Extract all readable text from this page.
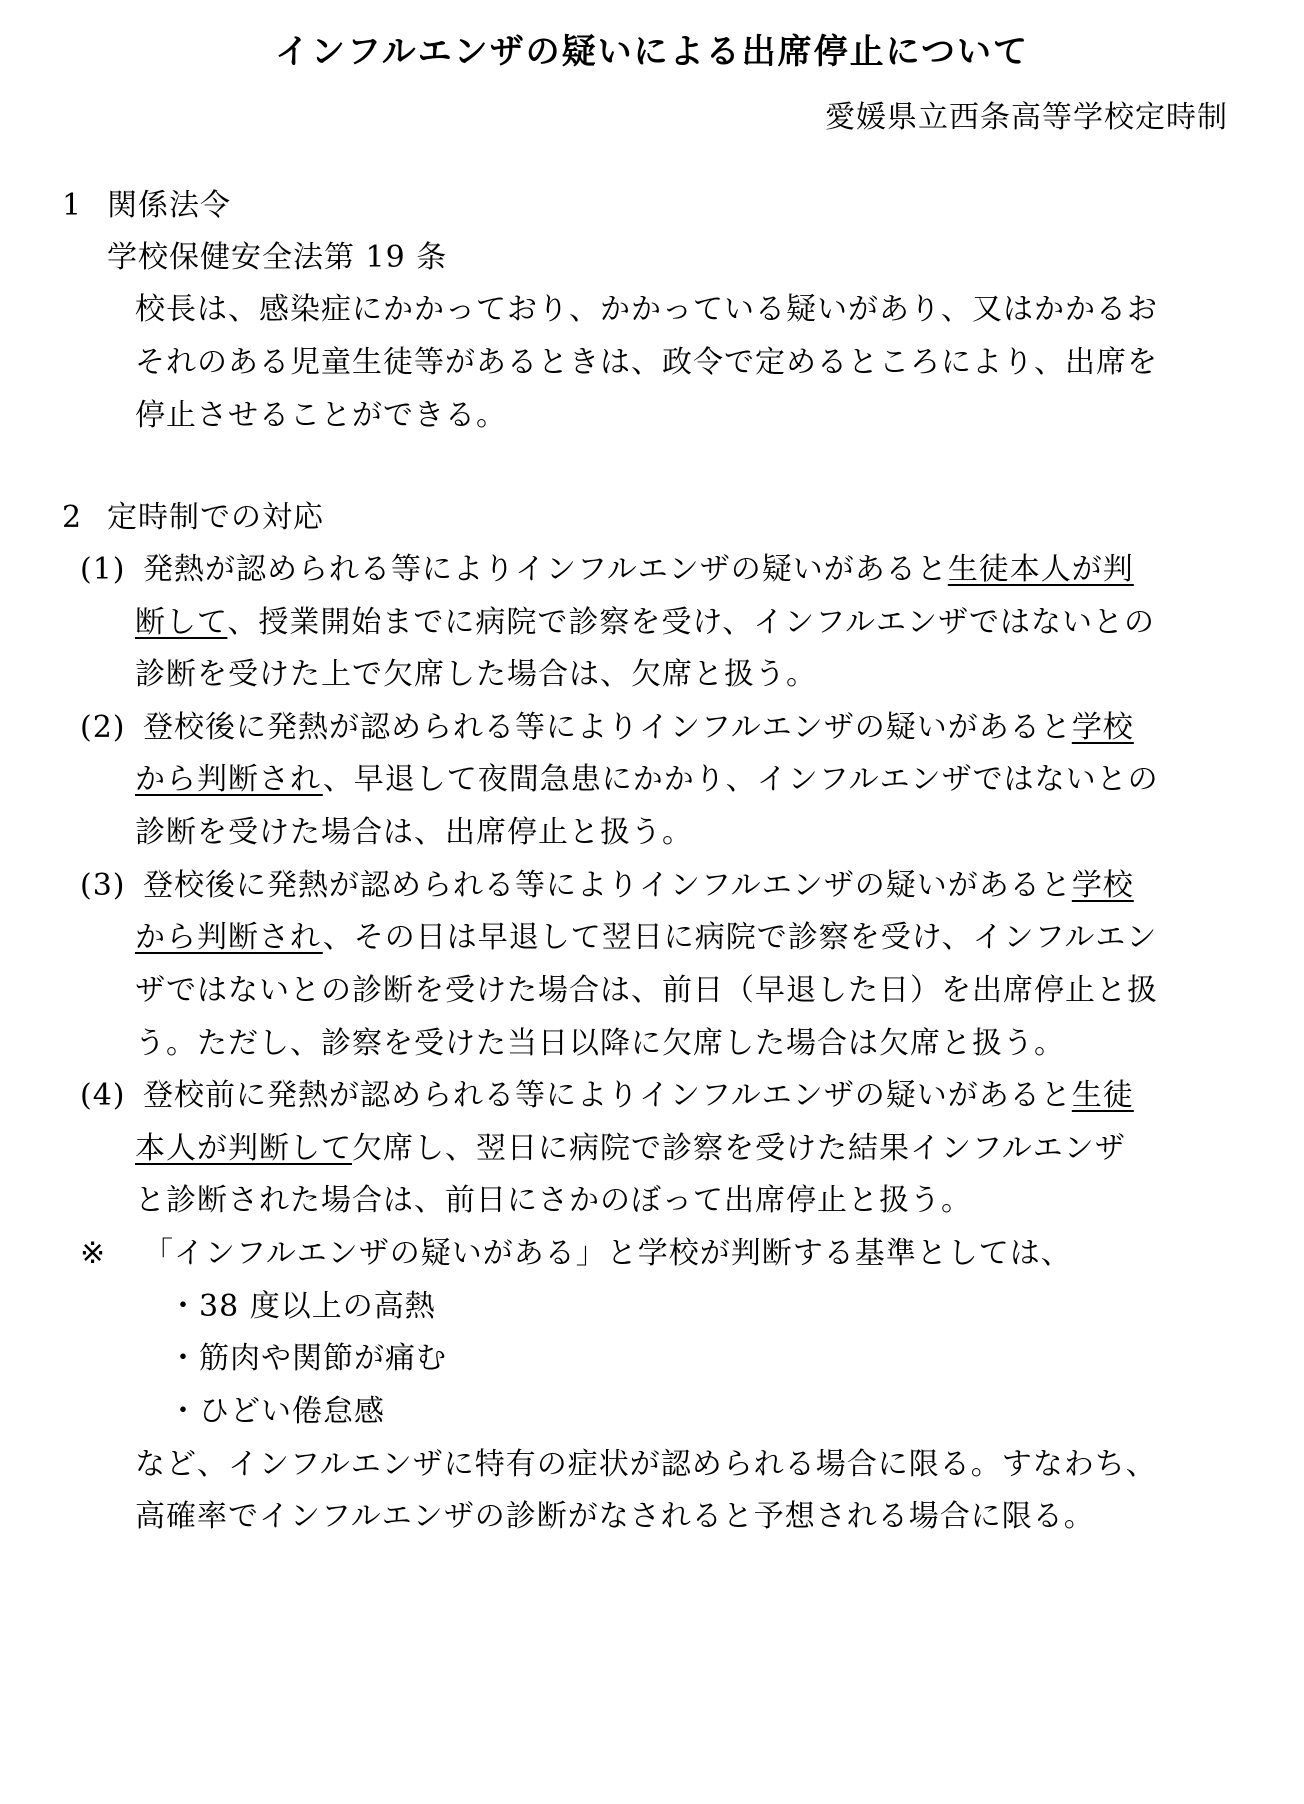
インフルエンザの疑いによる出席停止について
愛媛県立西条高等学校定時制
1 関係法令
学校保健安全法第 19 条
校長は、感染症にかかっており、かかっている疑いがあり、又はかかるお
それのある児童生徒等があるときは、政令で定めるところにより、出席を
停止させることができる。
2 定時制での対応
(1) 発熱が認められる等によりインフルエンザの疑いがあると生徒本人が判
断して、授業開始までに病院で診察を受け、インフルエンザではないとの
診断を受けた上で欠席した場合は、欠席と扱う。
(2) 登校後に発熱が認められる等によりインフルエンザの疑いがあると学校
から判断され、早退して夜間急患にかかり、インフルエンザではないとの
診断を受けた場合は、出席停止と扱う。
(3) 登校後に発熱が認められる等によりインフルエンザの疑いがあると学校
から判断され、その日は早退して翌日に病院で診察を受け、インフルエン
ザではないとの診断を受けた場合は、前日（早退した日）を出席停止と扱
う。ただし、診察を受けた当日以降に欠席した場合は欠席と扱う。
(4) 登校前に発熱が認められる等によりインフルエンザの疑いがあると生徒
本人が判断して欠席し、翌日に病院で診察を受けた結果インフルエンザ
と診断された場合は、前日にさかのぼって出席停止と扱う。
※ 「インフルエンザの疑いがある」と学校が判断する基準としては、
・38 度以上の高熱
・筋肉や関節が痛む
・ひどい倦怠感
など、インフルエンザに特有の症状が認められる場合に限る。すなわち、
高確率でインフルエンザの診断がなされると予想される場合に限る。
